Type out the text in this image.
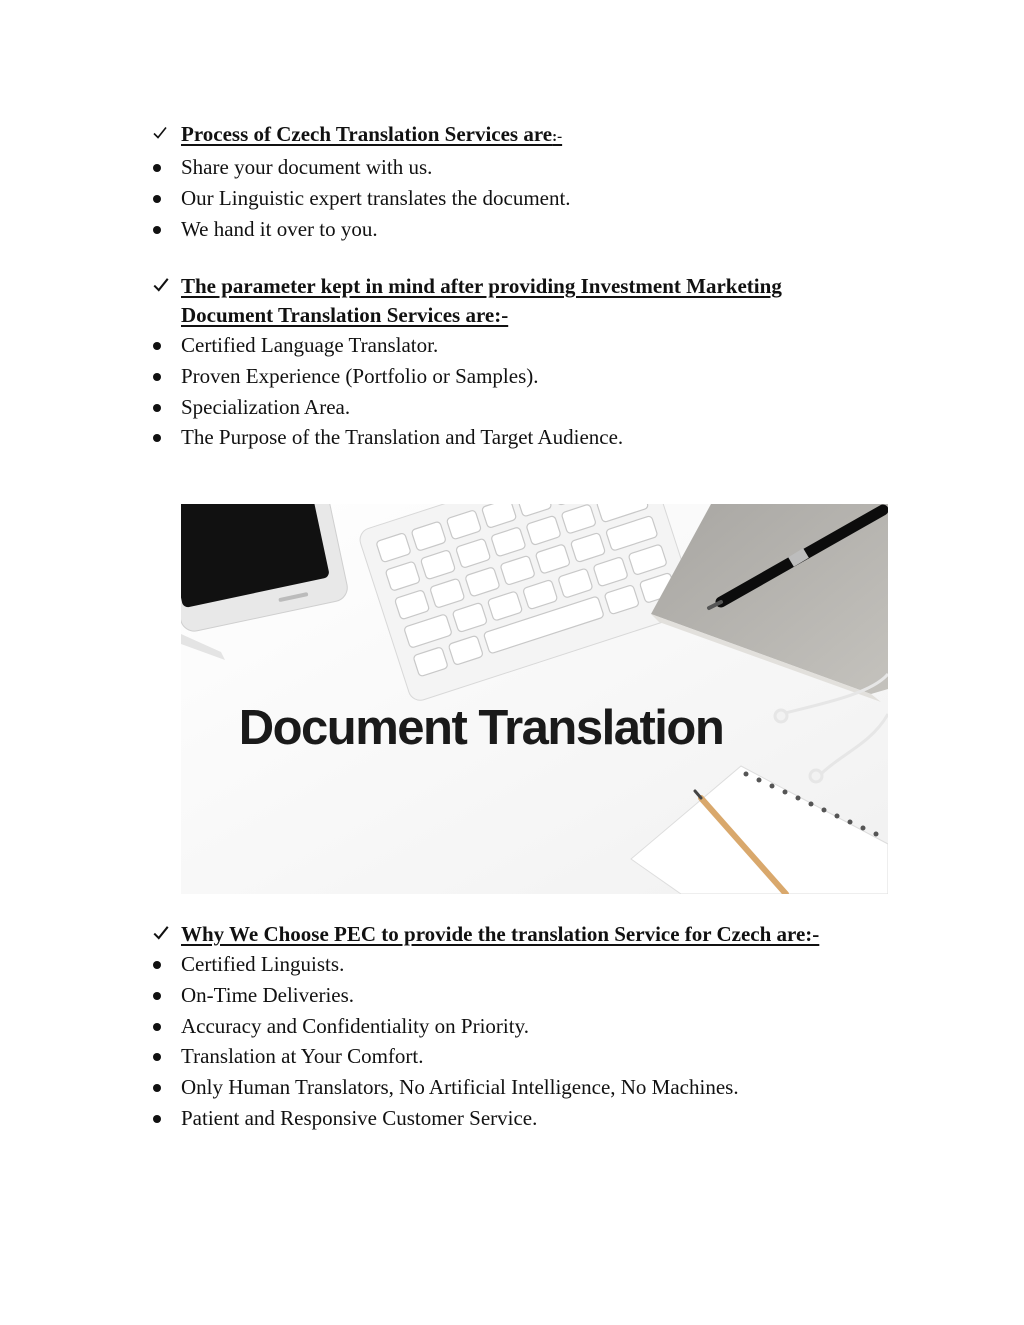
Process of Czech Translation Services are:-
Share your document with us.
Our Linguistic expert translates the document.
We hand it over to you.
The parameter kept in mind after providing Investment Marketing
Document Translation Services are:-
Certified Language Translator.
Proven Experience (Portfolio or Samples).
Specialization Area.
The Purpose of the Translation and Target Audience.
Document Translation
Why We Choose PEC to provide the translation Service for Czech are:-
Certified Linguists.
On-Time Deliveries.
Accuracy and Confidentiality on Priority.
Translation at Your Comfort.
Only Human Translators, No Artificial Intelligence, No Machines.
Patient and Responsive Customer Service.
